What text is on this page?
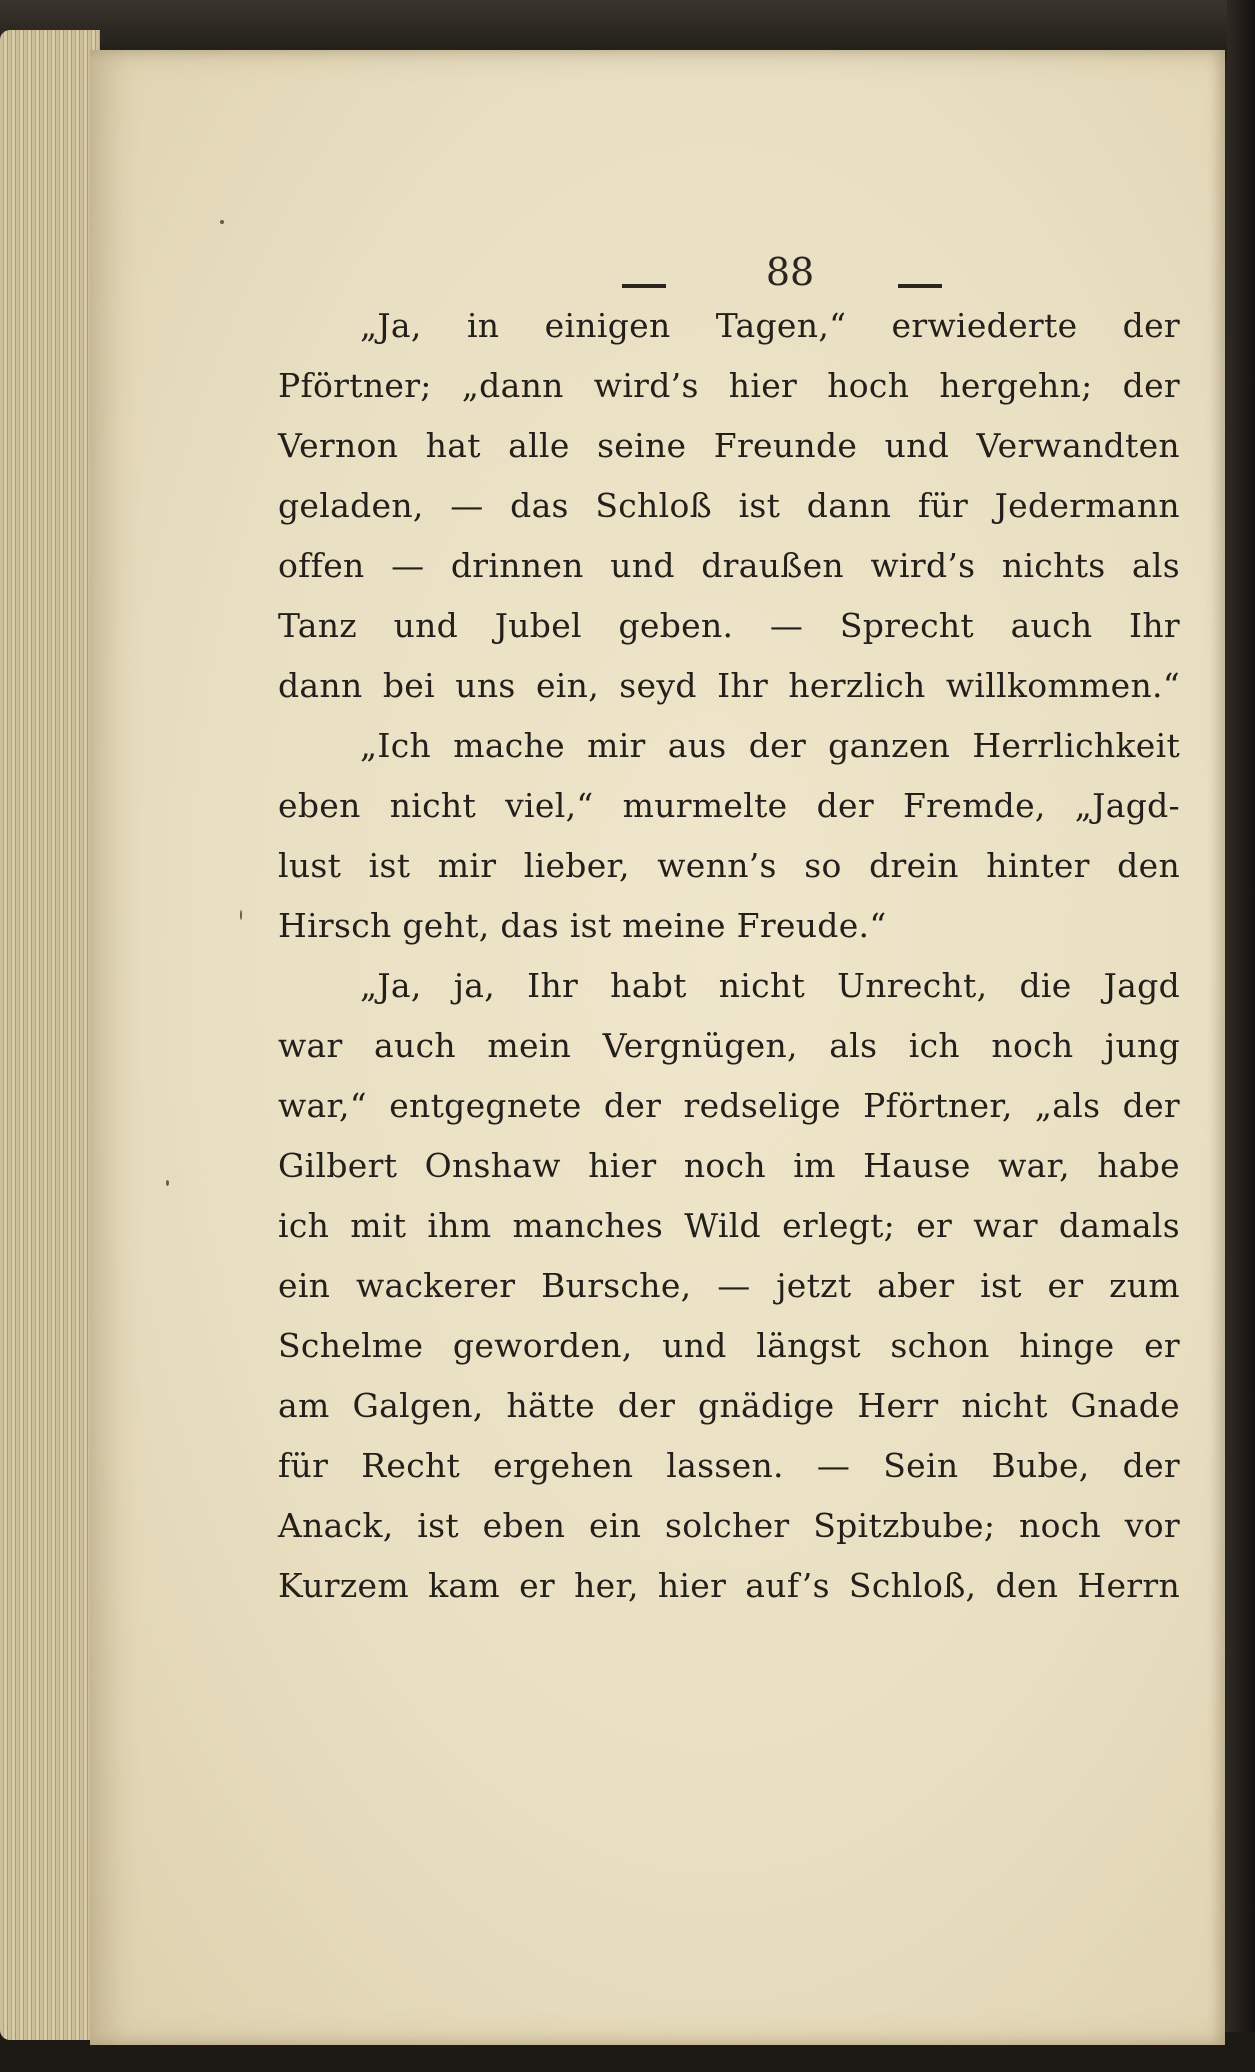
88
„Ja, in einigen Tagen,“ erwiederte der
Pförtner; „dann wird’s hier hoch hergehn; der
Vernon hat alle seine Freunde und Verwandten
geladen, — das Schloß ist dann für Jedermann
offen — drinnen und draußen wird’s nichts als
Tanz und Jubel geben. — Sprecht auch Ihr
dann bei uns ein, seyd Ihr herzlich willkommen.“
„Ich mache mir aus der ganzen Herrlichkeit
eben nicht viel,“ murmelte der Fremde, „Jagd-
lust ist mir lieber, wenn’s so drein hinter den
Hirsch geht, das ist meine Freude.“
„Ja, ja, Ihr habt nicht Unrecht, die Jagd
war auch mein Vergnügen, als ich noch jung
war,“ entgegnete der redselige Pförtner, „als der
Gilbert Onshaw hier noch im Hause war, habe
ich mit ihm manches Wild erlegt; er war damals
ein wackerer Bursche, — jetzt aber ist er zum
Schelme geworden, und längst schon hinge er
am Galgen, hätte der gnädige Herr nicht Gnade
für Recht ergehen lassen. — Sein Bube, der
Anack, ist eben ein solcher Spitzbube; noch vor
Kurzem kam er her, hier auf’s Schloß, den Herrn
